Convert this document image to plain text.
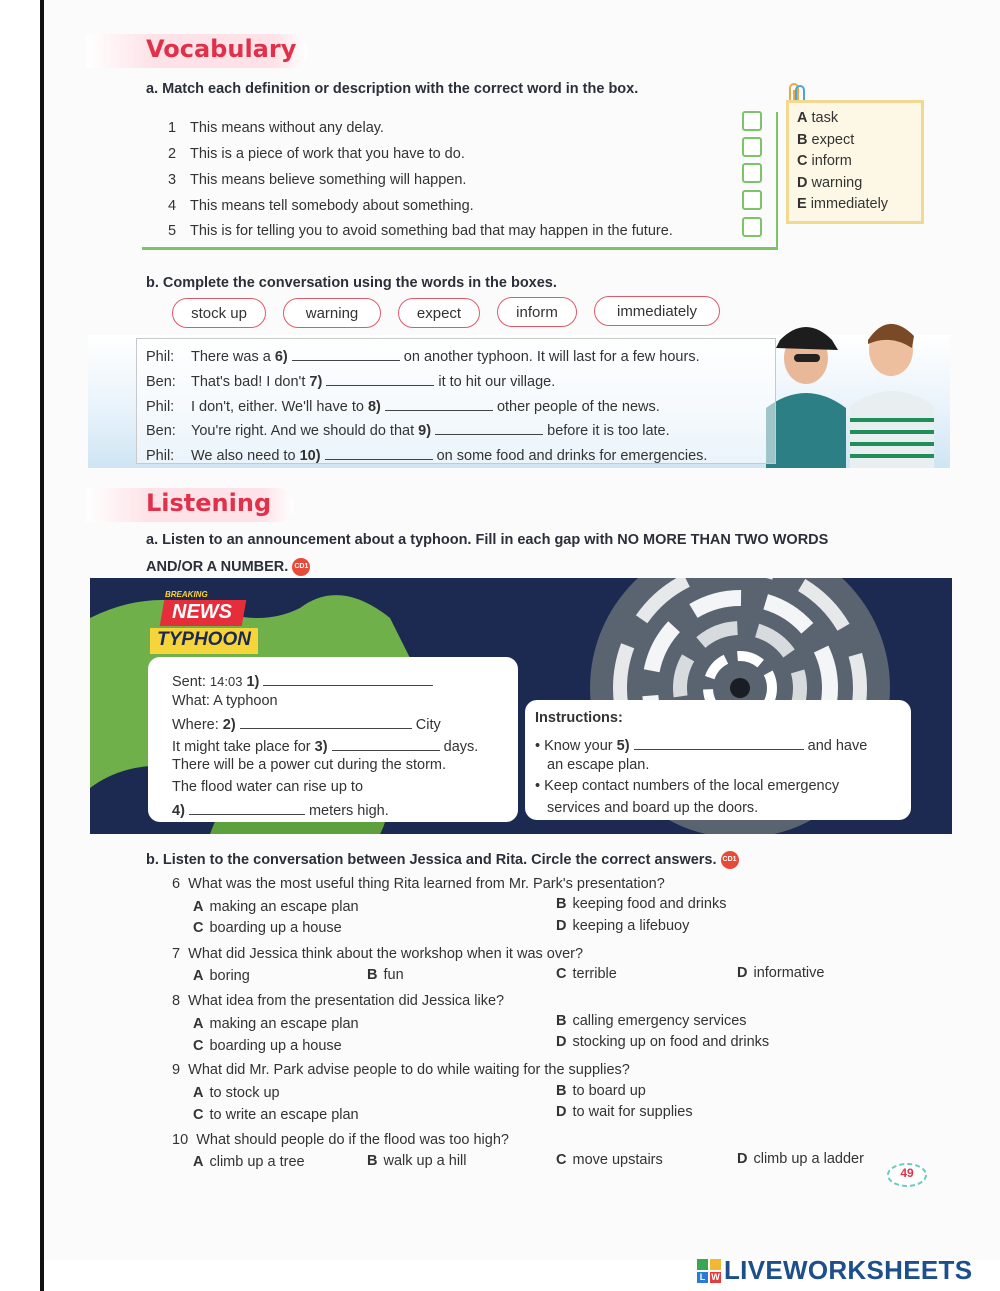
Vocabulary
a. Match each definition or description with the correct word in the box.
1 This means without any delay.
2 This is a piece of work that you have to do.
3 This means believe something will happen.
4 This means tell somebody about something.
5 This is for telling you to avoid something bad that may happen in the future.
A task
B expect
C inform
D warning
E immediately
b. Complete the conversation using the words in the boxes.
stock up	warning	expect	inform	immediately
Phil: There was a 6)	on another typhoon. It will last for a few hours.
Ben: That's bad! I don't 7)	it to hit our village.
Phil: I don't, either. We'll have to 8)	other people of the news.
Ben: You're right. And we should do that 9)	before it is too late.
Phil: We also need to 10)	on some food and drinks for emergencies.
Listening
a. Listen to an announcement about a typhoon. Fill in each gap with NO MORE THAN TWO WORDS
AND/OR A NUMBER. CD1
BREAKING
NEWS
TYPHOON
Sent: 14:03 1)
What: A typhoon
Where: 2)	City
It might take place for 3)	days.
There will be a power cut during the storm.
The flood water can rise up to
4)	meters high.
Instructions:
• Know your 5)	and have
an escape plan.
• Keep contact numbers of the local emergency
services and board up the doors.
b. Listen to the conversation between Jessica and Rita. Circle the correct answers. CD1 41
6 What was the most useful thing Rita learned from Mr. Park's presentation?
A making an escape plan	B keeping food and drinks
C boarding up a house	D keeping a lifebuoy
7 What did Jessica think about the workshop when it was over?
A boring	B fun	C terrible	D informative
8 What idea from the presentation did Jessica like?
A making an escape plan	B calling emergency services
C boarding up a house	D stocking up on food and drinks
9 What did Mr. Park advise people to do while waiting for the supplies?
A to stock up	B to board up
C to write an escape plan	D to wait for supplies
10 What should people do if the flood was too high?
A climb up a tree	B walk up a hill	C move upstairs	D climb up a ladder
49
L W LIVEWORKSHEETS
